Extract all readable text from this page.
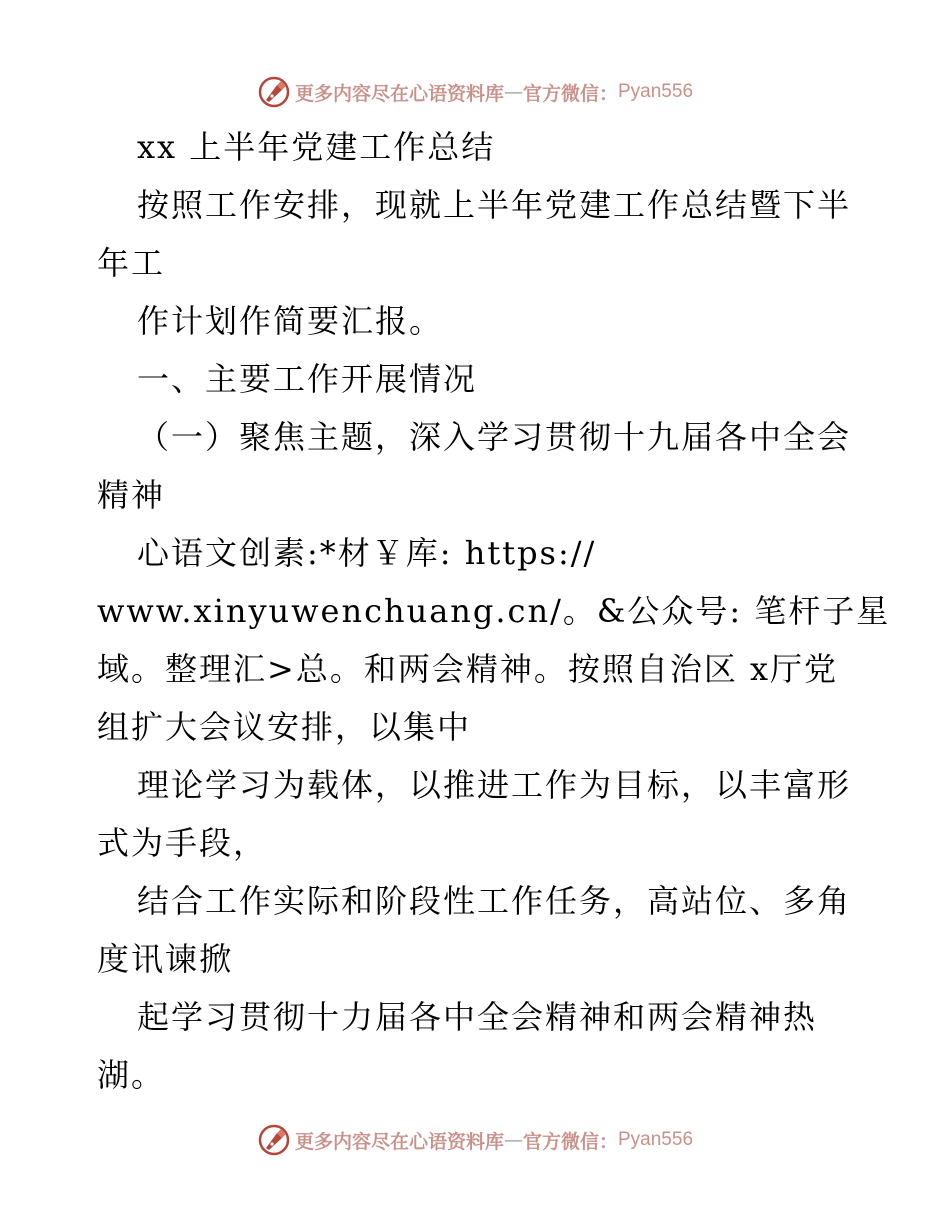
更多内容尽在心语资料库 — 官方微信： Pyan556
xx 上半年党建工作总结
按照工作安排，现就上半年党建工作总结暨下半
年工
作计划作简要汇报。
一、主要工作开展情况
（一）聚焦主题，深入学习贯彻十九届各中全会
精神
心语文创素:*材￥库: https://
www.xinyuwenchuang.cn/。&公众号: 笔杆子星
域。整理汇>总。和两会精神。按照自治区 x厅党
组扩大会议安排，以集中
理论学习为载体，以推进工作为目标，以丰富形
式为手段，
结合工作实际和阶段性工作任务，高站位、多角
度讯谏掀
起学习贯彻十力届各中全会精神和两会精神热
湖。
更多内容尽在心语资料库 — 官方微信： Pyan556
